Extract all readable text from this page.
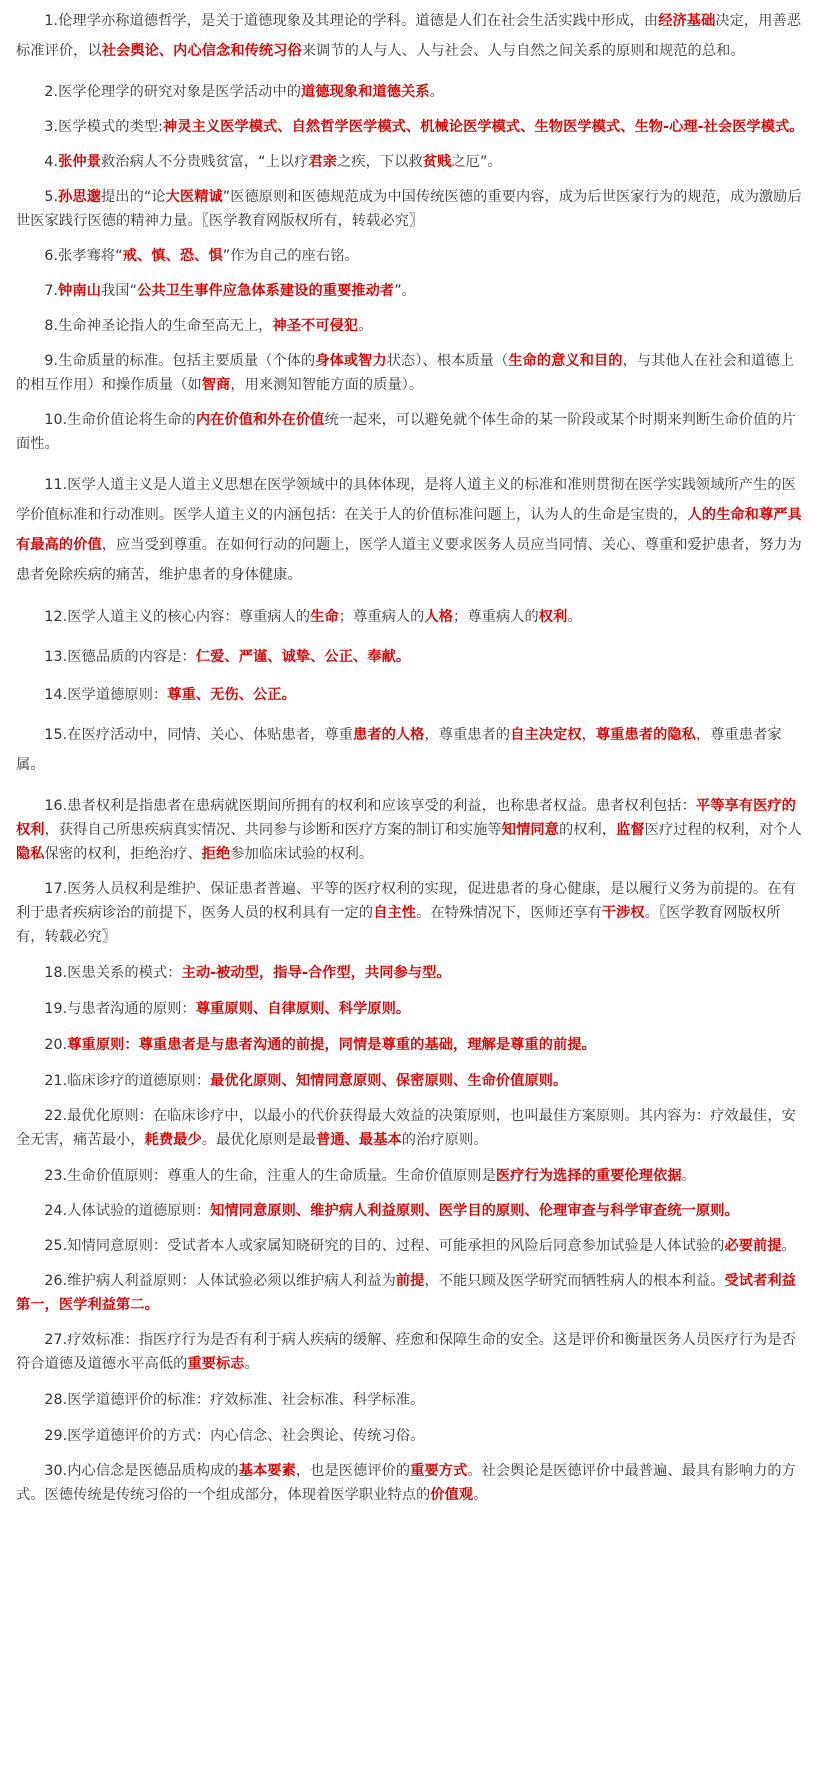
1.伦理学亦称道德哲学，是关于道德现象及其理论的学科。道德是人们在社会生活实践中形成，由经济基础决定，用善恶标准评价，以社会舆论、内心信念和传统习俗来调节的人与人、人与社会、人与自然之间关系的原则和规范的总和。

2.医学伦理学的研究对象是医学活动中的道德现象和道德关系。

3.医学模式的类型:神灵主义医学模式、自然哲学医学模式、机械论医学模式、生物医学模式、生物-心理-社会医学模式。

4.张仲景救治病人不分贵贱贫富，“上以疗君亲之疾，下以救贫贱之厄”。

5.孙思邈提出的“论大医精诚”医德原则和医德规范成为中国传统医德的重要内容，成为后世医家行为的规范，成为激励后世医家践行医德的精神力量。〖医学教育网版权所有，转载必究〗

6.张孝骞将“戒、慎、恐、惧”作为自己的座右铭。

7.钟南山我国“公共卫生事件应急体系建设的重要推动者”。

8.生命神圣论指人的生命至高无上，神圣不可侵犯。

9.生命质量的标准。包括主要质量（个体的身体或智力状态）、根本质量（生命的意义和目的，与其他人在社会和道德上的相互作用）和操作质量（如智商，用来测知智能方面的质量）。

10.生命价值论将生命的内在价值和外在价值统一起来，可以避免就个体生命的某一阶段或某个时期来判断生命价值的片面性。

11.医学人道主义是人道主义思想在医学领域中的具体体现，是将人道主义的标准和准则贯彻在医学实践领域所产生的医学价值标准和行动准则。医学人道主义的内涵包括：在关于人的价值标准问题上，认为人的生命是宝贵的，人的生命和尊严具有最高的价值，应当受到尊重。在如何行动的问题上，医学人道主义要求医务人员应当同情、关心、尊重和爱护患者，努力为患者免除疾病的痛苦，维护患者的身体健康。

12.医学人道主义的核心内容：尊重病人的生命；尊重病人的人格；尊重病人的权利。

13.医德品质的内容是：仁爱、严谨、诚挚、公正、奉献。

14.医学道德原则：尊重、无伤、公正。

15.在医疗活动中，同情、关心、体贴患者，尊重患者的人格，尊重患者的自主决定权，尊重患者的隐私，尊重患者家属。

16.患者权利是指患者在患病就医期间所拥有的权利和应该享受的利益，也称患者权益。患者权利包括：平等享有医疗的权利，获得自己所患疾病真实情况、共同参与诊断和医疗方案的制订和实施等知情同意的权利，监督医疗过程的权利，对个人隐私保密的权利，拒绝治疗、拒绝参加临床试验的权利。

17.医务人员权利是维护、保证患者普遍、平等的医疗权利的实现，促进患者的身心健康，是以履行义务为前提的。在有利于患者疾病诊治的前提下，医务人员的权利具有一定的自主性。在特殊情况下，医师还享有干涉权。〖医学教育网版权所有，转载必究〗

18.医患关系的模式：主动-被动型，指导-合作型，共同参与型。

19.与患者沟通的原则：尊重原则、自律原则、科学原则。

20.尊重原则：尊重患者是与患者沟通的前提，同情是尊重的基础，理解是尊重的前提。

21.临床诊疗的道德原则：最优化原则、知情同意原则、保密原则、生命价值原则。

22.最优化原则：在临床诊疗中，以最小的代价获得最大效益的决策原则，也叫最佳方案原则。其内容为：疗效最佳，安全无害，痛苦最小，耗费最少。最优化原则是最普通、最基本的治疗原则。

23.生命价值原则：尊重人的生命，注重人的生命质量。生命价值原则是医疗行为选择的重要伦理依据。

24.人体试验的道德原则：知情同意原则、维护病人利益原则、医学目的原则、伦理审查与科学审查统一原则。

25.知情同意原则：受试者本人或家属知晓研究的目的、过程、可能承担的风险后同意参加试验是人体试验的必要前提。

26.维护病人利益原则：人体试验必须以维护病人利益为前提，不能只顾及医学研究而牺牲病人的根本利益。受试者利益第一，医学利益第二。

27.疗效标准：指医疗行为是否有利于病人疾病的缓解、痊愈和保障生命的安全。这是评价和衡量医务人员医疗行为是否符合道德及道德水平高低的重要标志。

28.医学道德评价的标准：疗效标准、社会标准、科学标准。

29.医学道德评价的方式：内心信念、社会舆论、传统习俗。

30.内心信念是医德品质构成的基本要素，也是医德评价的重要方式。社会舆论是医德评价中最普遍、最具有影响力的方式。医德传统是传统习俗的一个组成部分，体现着医学职业特点的价值观。
